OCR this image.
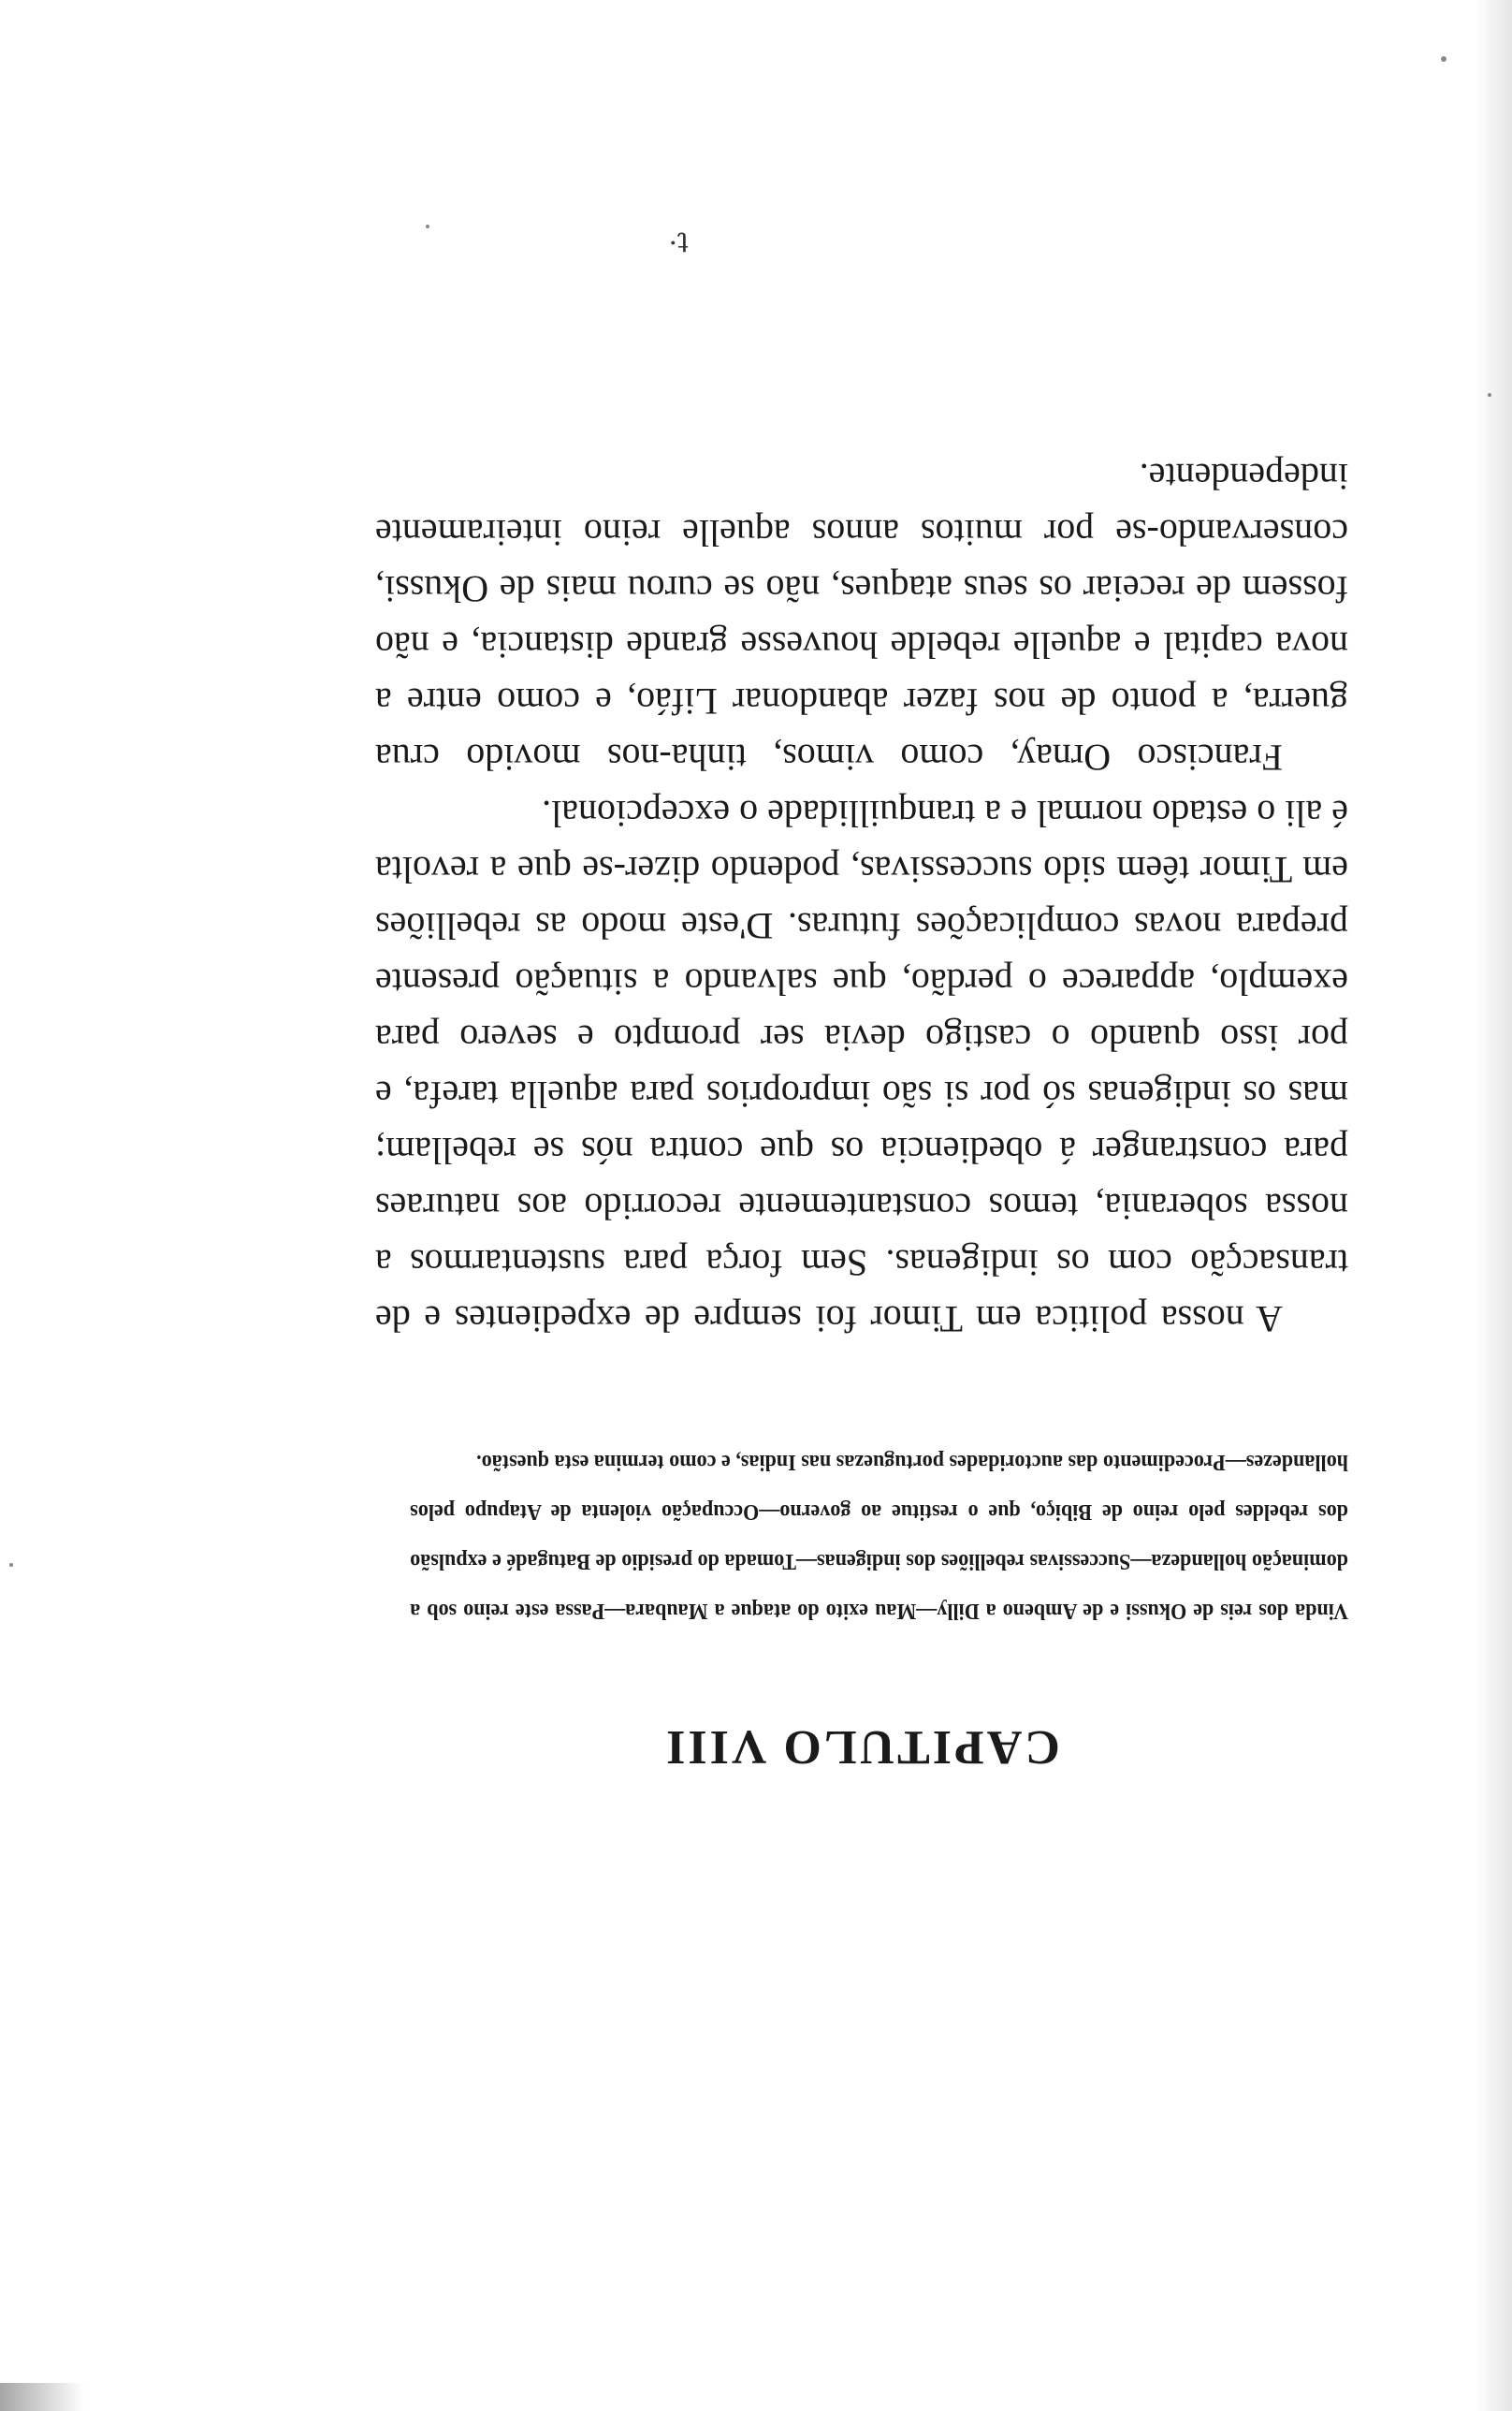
CAPITULO VIII

Vinda dos reis de Okussi e de Ambeno a Dilly—Mau exito do ataque a Maubara—Passa este reino sob a dominação hollandeza—Successivas rebelliões dos indigenas—Tomada do presidio de Batugadé e expulsão dos rebeldes pelo reino de Bibiço, que o restitue ao governo—Occupação violenta de Atapupo pelos hollandezes—Procedimento das auctoridades portuguezas nas Indias, e como termina esta questão.

A nossa politica em Timor foi sempre de expedientes e de transacção com os indigenas. Sem força para sustentarmos a nossa soberania, temos constantemente recorrido aos naturaes para constranger á obediencia os que contra nós se rebellam; mas os indigenas só por si são improprios para aquella tarefa, e por isso quando o castigo devia ser prompto e severo para exemplo, apparece o perdão, que salvando a situação presente prepara novas complicações futuras. D'este modo as rebelliões em Timor têem sido successivas, podendo dizer-se que a revolta é ali o estado normal e a tranquillidade o excepcional.

Francisco Ornay, como vimos, tinha-nos movido crua guerra, a ponto de nos fazer abandonar Lifáo, e como entre a nova capital e aquelle rebelde houvesse grande distancia, e não fossem de receiar os seus ataques, não se curou mais de Okussi, conservando-se por muitos annos aquelle reino inteiramente independente.

t·
